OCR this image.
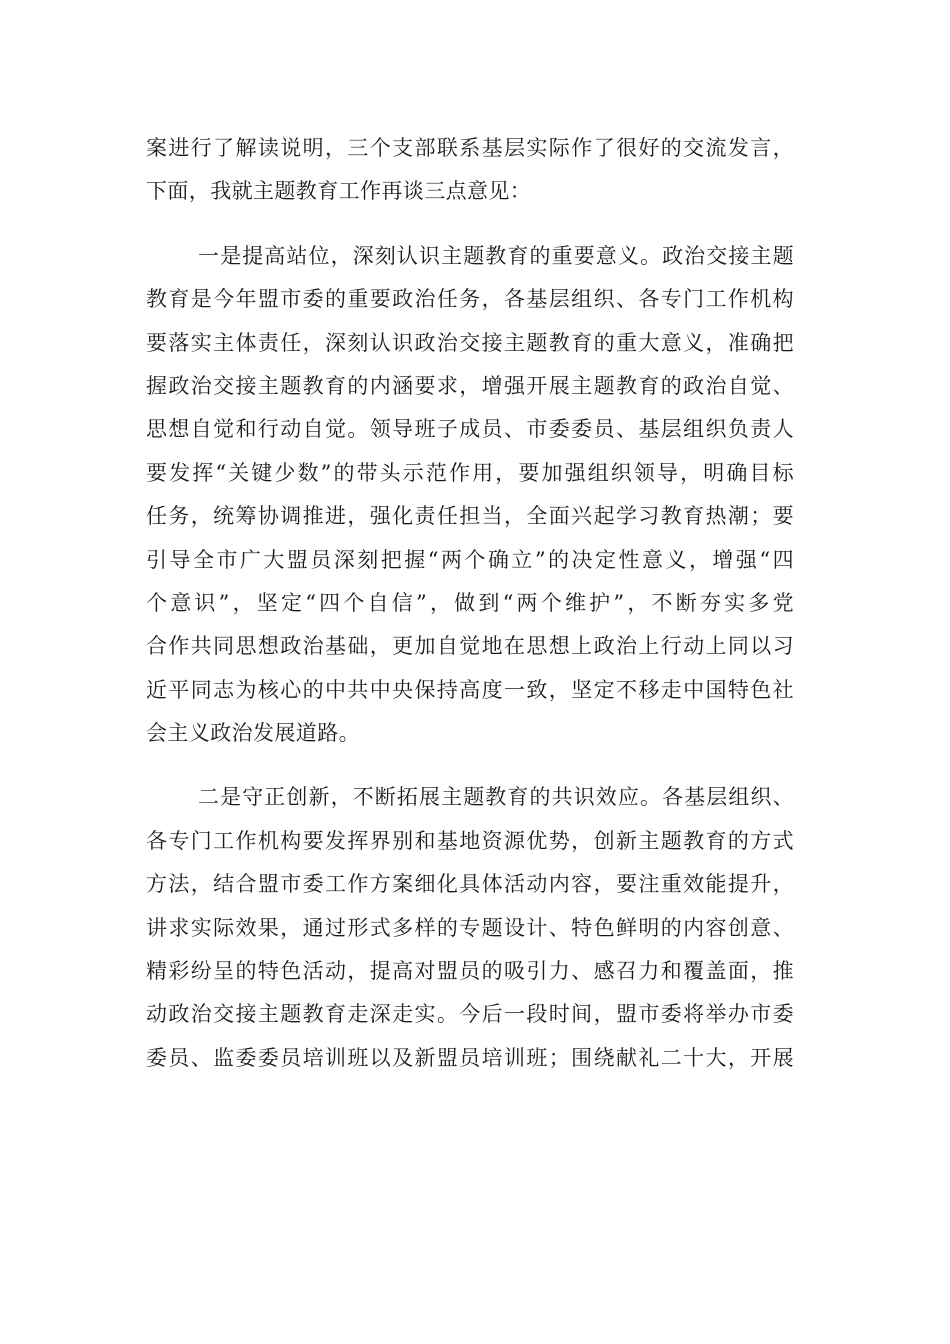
案进行了解读说明，三个支部联系基层实际作了很好的交流发言，
下面，我就主题教育工作再谈三点意见：
一是提高站位，深刻认识主题教育的重要意义。政治交接主题
教育是今年盟市委的重要政治任务，各基层组织、各专门工作机构
要落实主体责任，深刻认识政治交接主题教育的重大意义，准确把
握政治交接主题教育的内涵要求，增强开展主题教育的政治自觉、
思想自觉和行动自觉。领导班子成员、市委委员、基层组织负责人
要发挥“关键少数”的带头示范作用，要加强组织领导，明确目标
任务，统筹协调推进，强化责任担当，全面兴起学习教育热潮；要
引导全市广大盟员深刻把握“两个确立”的决定性意义，增强“四
个意识”，坚定“四个自信”，做到“两个维护”，不断夯实多党
合作共同思想政治基础，更加自觉地在思想上政治上行动上同以习
近平同志为核心的中共中央保持高度一致，坚定不移走中国特色社
会主义政治发展道路。
二是守正创新，不断拓展主题教育的共识效应。各基层组织、
各专门工作机构要发挥界别和基地资源优势，创新主题教育的方式
方法，结合盟市委工作方案细化具体活动内容，要注重效能提升，
讲求实际效果，通过形式多样的专题设计、特色鲜明的内容创意、
精彩纷呈的特色活动，提高对盟员的吸引力、感召力和覆盖面，推
动政治交接主题教育走深走实。今后一段时间，盟市委将举办市委
委员、监委委员培训班以及新盟员培训班；围绕献礼二十大，开展
